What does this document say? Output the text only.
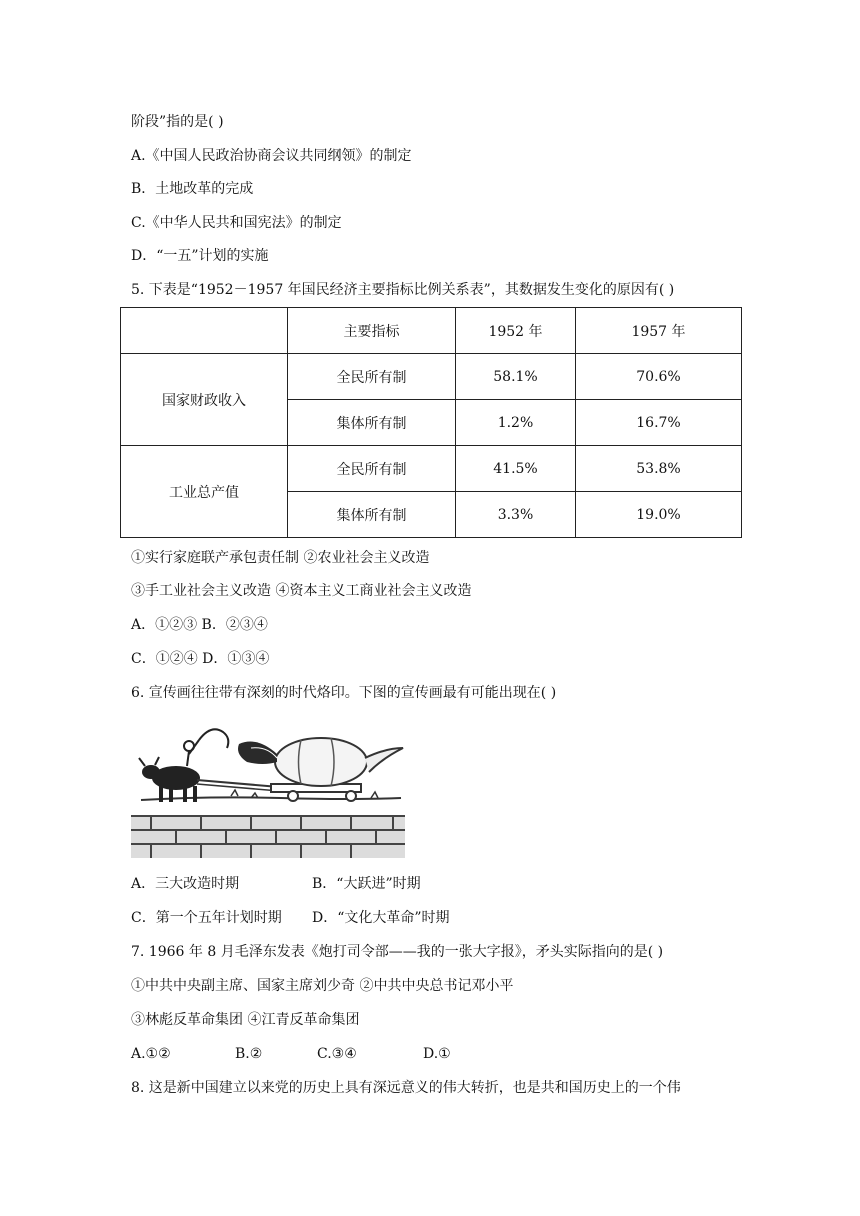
阶段”指的是( )
A.《中国人民政治协商会议共同纲领》的制定
B．土地改革的完成
C.《中华人民共和国宪法》的制定
D．“一五”计划的实施
5. 下表是“1952－1957 年国民经济主要指标比例关系表”，其数据发生变化的原因有( )
	主要指标	1952 年	1957 年
国家财政收入	全民所有制	58.1%	70.6%
	集体所有制	1.2%	16.7%
工业总产值	全民所有制	41.5%	53.8%
	集体所有制	3.3%	19.0%
①实行家庭联产承包责任制 ②农业社会主义改造
③手工业社会主义改造 ④资本主义工商业社会主义改造
A．①②③ B．②③④
C．①②④ D．①③④
6. 宣传画往往带有深刻的时代烙印。下图的宣传画最有可能出现在( )
A．三大改造时期	B．“大跃进”时期
C．第一个五年计划时期 D．“文化大革命”时期
7. 1966 年 8 月毛泽东发表《炮打司令部——我的一张大字报》，矛头实际指向的是( )
①中共中央副主席、国家主席刘少奇 ②中共中央总书记邓小平
③林彪反革命集团 ④江青反革命集团
A.①②	B.②	C.③④	D.①
8. 这是新中国建立以来党的历史上具有深远意义的伟大转折，也是共和国历史上的一个伟
